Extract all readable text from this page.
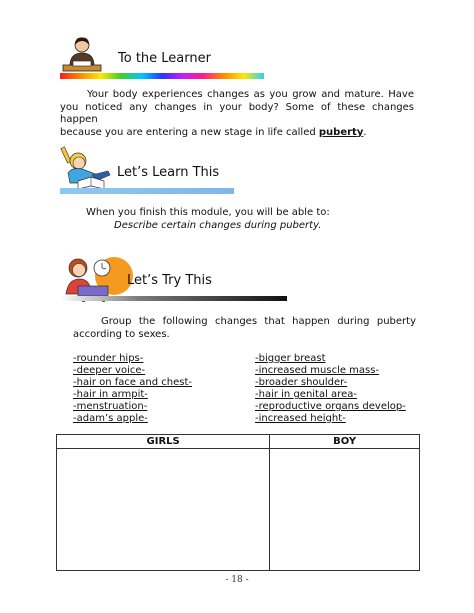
To the Learner
Your body experiences changes as you grow and mature. Have
you noticed any changes in your body? Some of these changes happen
because you are entering a new stage in life called puberty.
Let’s Learn This
When you finish this module, you will be able to:
Describe certain changes during puberty.
Let’s Try This
Group the following changes that happen during puberty
according to sexes.
-rounder hips-
-deeper voice-
-hair on face and chest-
-hair in armpit-
-menstruation-
-adam’s apple-
-bigger breast
-increased muscle mass-
-broader shoulder-
-hair in genital area-
-reproductive organs develop-
-increased height-
GIRLS	BOY

- 18 -
